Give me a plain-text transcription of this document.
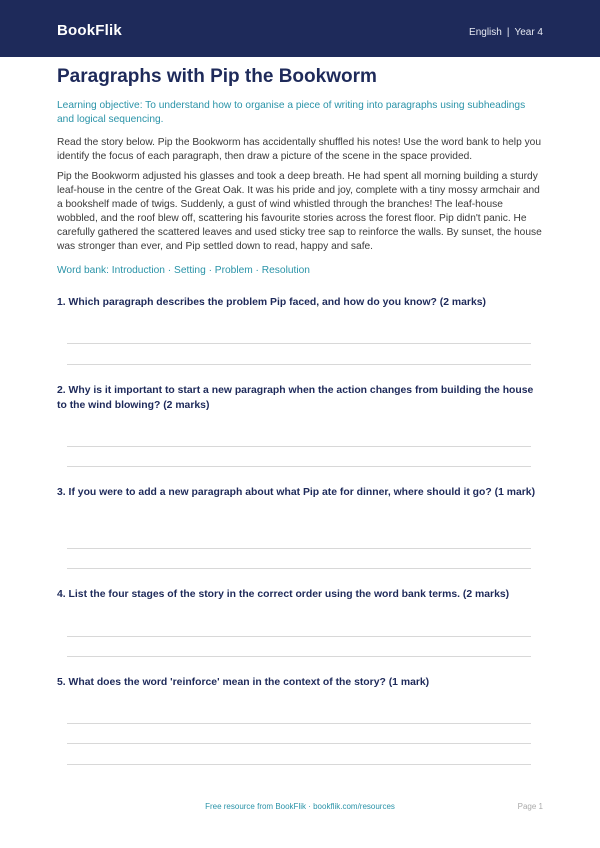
BookFlik	English | Year 4
Paragraphs with Pip the Bookworm
Learning objective: To understand how to organise a piece of writing into paragraphs using subheadings and logical sequencing.
Read the story below. Pip the Bookworm has accidentally shuffled his notes! Use the word bank to help you identify the focus of each paragraph, then draw a picture of the scene in the space provided.
Pip the Bookworm adjusted his glasses and took a deep breath. He had spent all morning building a sturdy leaf-house in the centre of the Great Oak. It was his pride and joy, complete with a tiny mossy armchair and a bookshelf made of twigs. Suddenly, a gust of wind whistled through the branches! The leaf-house wobbled, and the roof blew off, scattering his favourite stories across the forest floor. Pip didn't panic. He carefully gathered the scattered leaves and used sticky tree sap to reinforce the walls. By sunset, the house was stronger than ever, and Pip settled down to read, happy and safe.
Word bank: Introduction · Setting · Problem · Resolution
1. Which paragraph describes the problem Pip faced, and how do you know? (2 marks)
2. Why is it important to start a new paragraph when the action changes from building the house to the wind blowing? (2 marks)
3. If you were to add a new paragraph about what Pip ate for dinner, where should it go? (1 mark)
4. List the four stages of the story in the correct order using the word bank terms. (2 marks)
5. What does the word 'reinforce' mean in the context of the story? (1 mark)
Free resource from BookFlik · bookflik.com/resources	Page 1
